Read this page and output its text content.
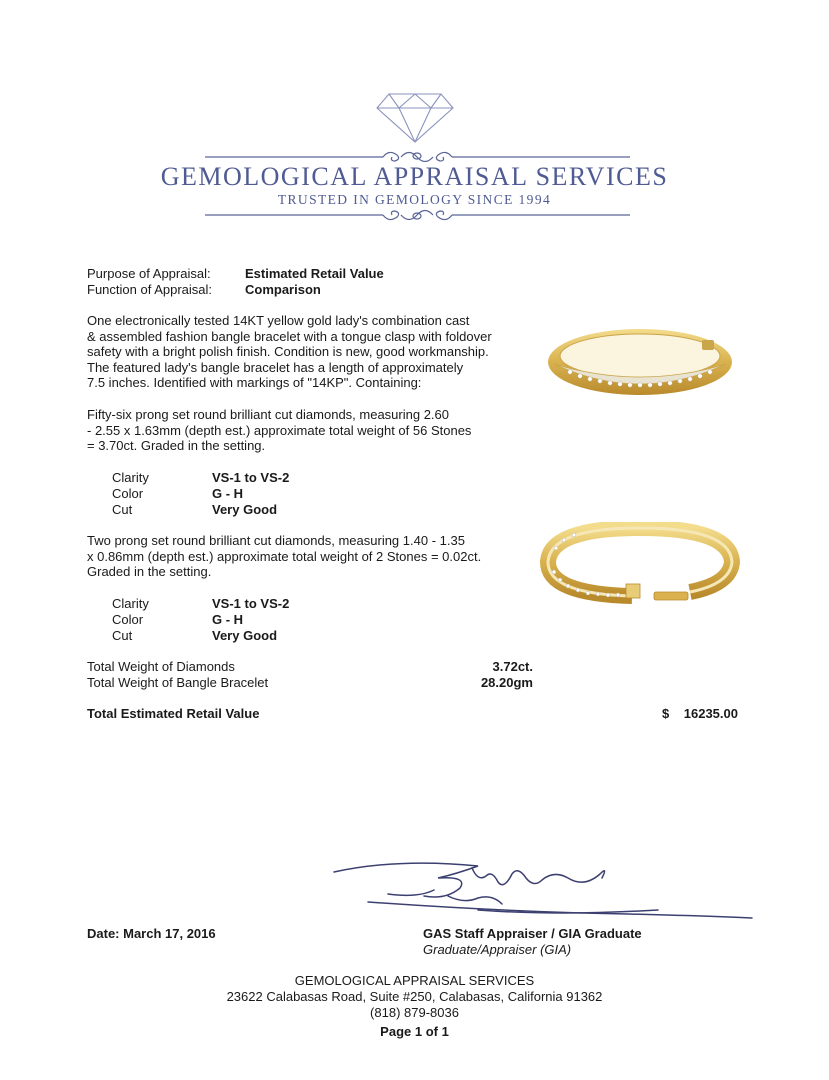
GEMOLOGICAL APPRAISAL SERVICES
TRUSTED IN GEMOLOGY SINCE 1994
Purpose of Appraisal:	Estimated Retail Value
Function of Appraisal:	Comparison
One electronically tested 14KT yellow gold lady's combination cast
& assembled fashion bangle bracelet with a tongue clasp with foldover
safety with a bright polish finish. Condition is new, good workmanship.
The featured lady's bangle bracelet has a length of approximately
7.5 inches. Identified with markings of "14KP". Containing:
Fifty-six prong set round brilliant cut diamonds, measuring 2.60
- 2.55 x 1.63mm (depth est.) approximate total weight of 56 Stones
= 3.70ct. Graded in the setting.
Clarity	VS-1 to VS-2
Color	G - H
Cut	Very Good
Two prong set round brilliant cut diamonds, measuring 1.40 - 1.35
x 0.86mm (depth est.) approximate total weight of 2 Stones = 0.02ct.
Graded in the setting.
Clarity	VS-1 to VS-2
Color	G - H
Cut	Very Good
Total Weight of Diamonds	3.72ct.
Total Weight of Bangle Bracelet	28.20gm
Total Estimated Retail Value	$	16235.00
Date: March 17, 2016	GAS Staff Appraiser / GIA Graduate
Graduate/Appraiser (GIA)
GEMOLOGICAL APPRAISAL SERVICES
23622 Calabasas Road, Suite #250, Calabasas, California 91362
(818) 879-8036
Page 1 of 1
